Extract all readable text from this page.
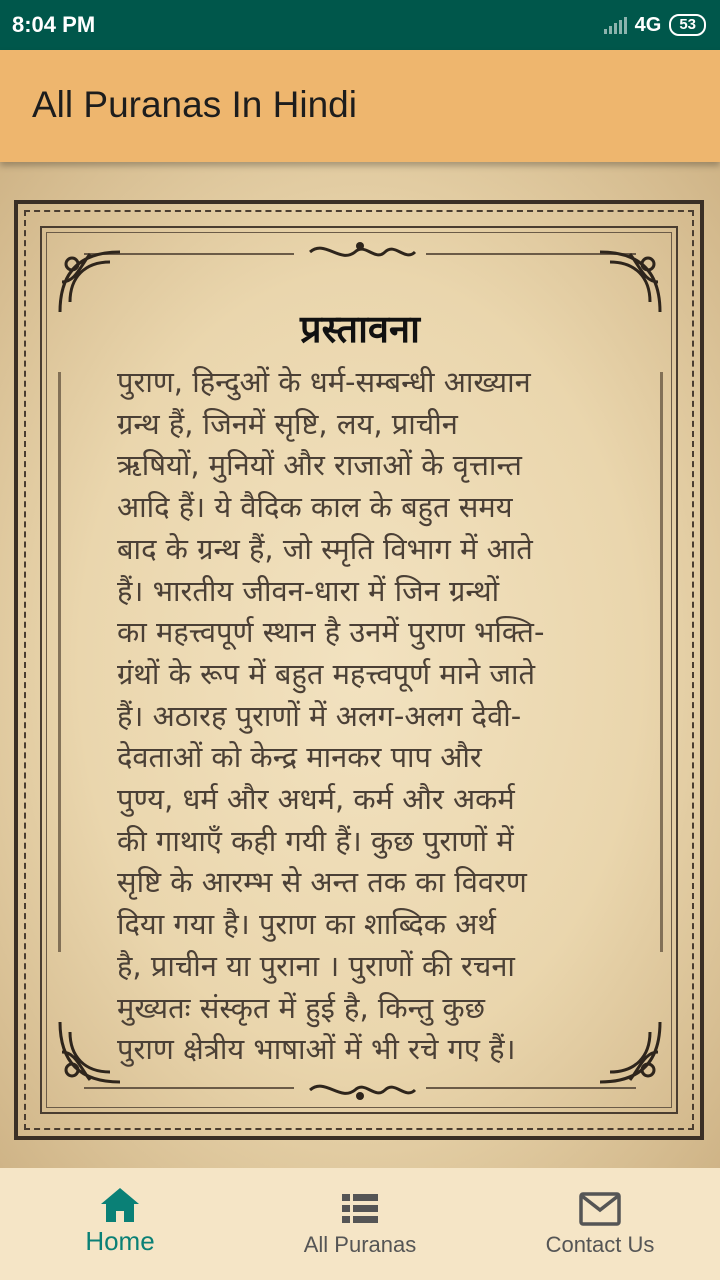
8:04 PM	4G	53
All Puranas In Hindi
प्रस्तावना
पुराण, हिन्दुओं के धर्म-सम्बन्धी आख्यान
ग्रन्थ हैं, जिनमें सृष्टि, लय, प्राचीन
ऋषियों, मुनियों और राजाओं के वृत्तान्त
आदि हैं। ये वैदिक काल के बहुत समय
बाद के ग्रन्थ हैं, जो स्मृति विभाग में आते
हैं। भारतीय जीवन-धारा में जिन ग्रन्थों
का महत्त्वपूर्ण स्थान है उनमें पुराण भक्ति-
ग्रंथों के रूप में बहुत महत्त्वपूर्ण माने जाते
हैं। अठारह पुराणों में अलग-अलग देवी-
देवताओं को केन्द्र मानकर पाप और
पुण्य, धर्म और अधर्म, कर्म और अकर्म
की गाथाएँ कही गयी हैं। कुछ पुराणों में
सृष्टि के आरम्भ से अन्त तक का विवरण
दिया गया है। पुराण का शाब्दिक अर्थ
है, प्राचीन या पुराना । पुराणों की रचना
मुख्यतः संस्कृत में हुई है, किन्तु कुछ
पुराण क्षेत्रीय भाषाओं में भी रचे गए हैं।
Home	All Puranas	Contact Us
